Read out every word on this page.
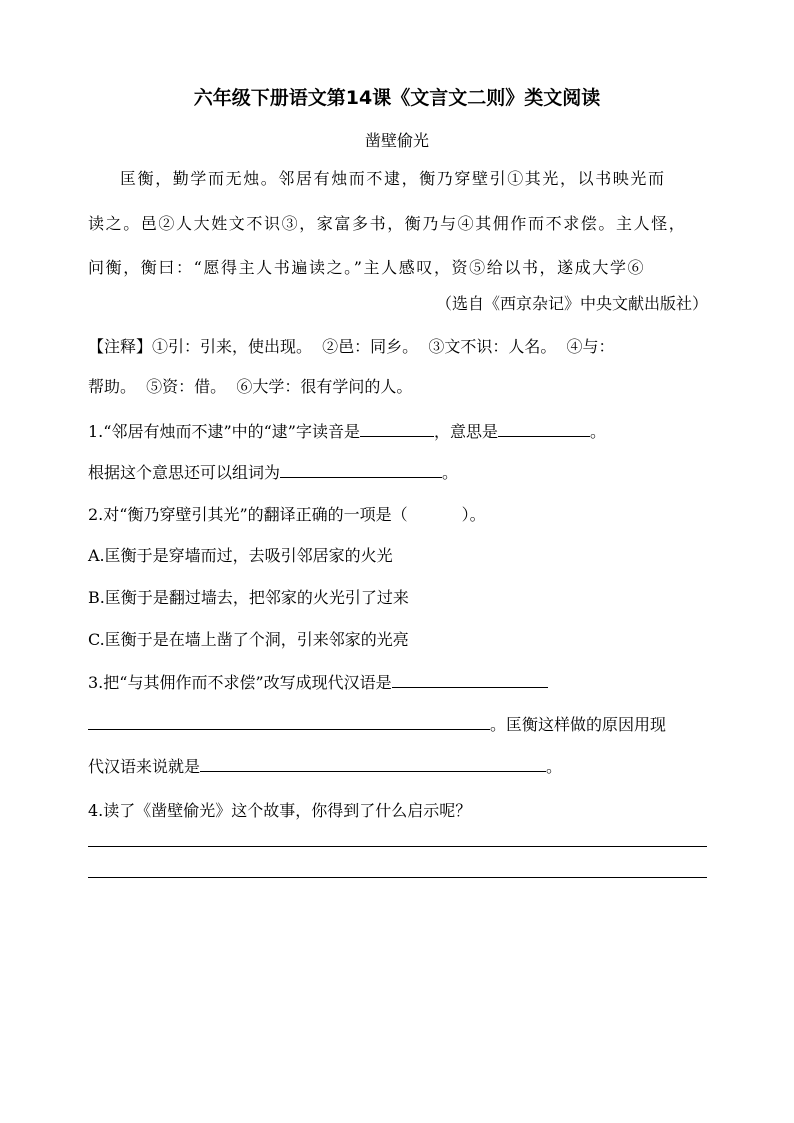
六年级下册语文第14课《文言文二则》类文阅读
凿壁偷光
匡衡，勤学而无烛。邻居有烛而不逮，衡乃穿壁引①其光，以书映光而
读之。邑②人大姓文不识③，家富多书，衡乃与④其佣作而不求偿。主人怪，
问衡，衡曰：“愿得主人书遍读之。”主人感叹，资⑤给以书，遂成大学⑥
（选自《西京杂记》中央文献出版社）
【注释】①引：引来，使出现。  ②邑：同乡。  ③文不识：人名。  ④与：
帮助。  ⑤资：借。  ⑥大学：很有学问的人。
1.“邻居有烛而不逮”中的“逮”字读音是	，意思是	。
根据这个意思还可以组词为	。
2.对“衡乃穿壁引其光”的翻译正确的一项是（	）。
A.匡衡于是穿墙而过，去吸引邻居家的火光
B.匡衡于是翻过墙去，把邻家的火光引了过来
C.匡衡于是在墙上凿了个洞，引来邻家的光亮
3.把“与其佣作而不求偿”改写成现代汉语是
。匡衡这样做的原因用现
代汉语来说就是	。
4.读了《凿壁偷光》这个故事，你得到了什么启示呢？
